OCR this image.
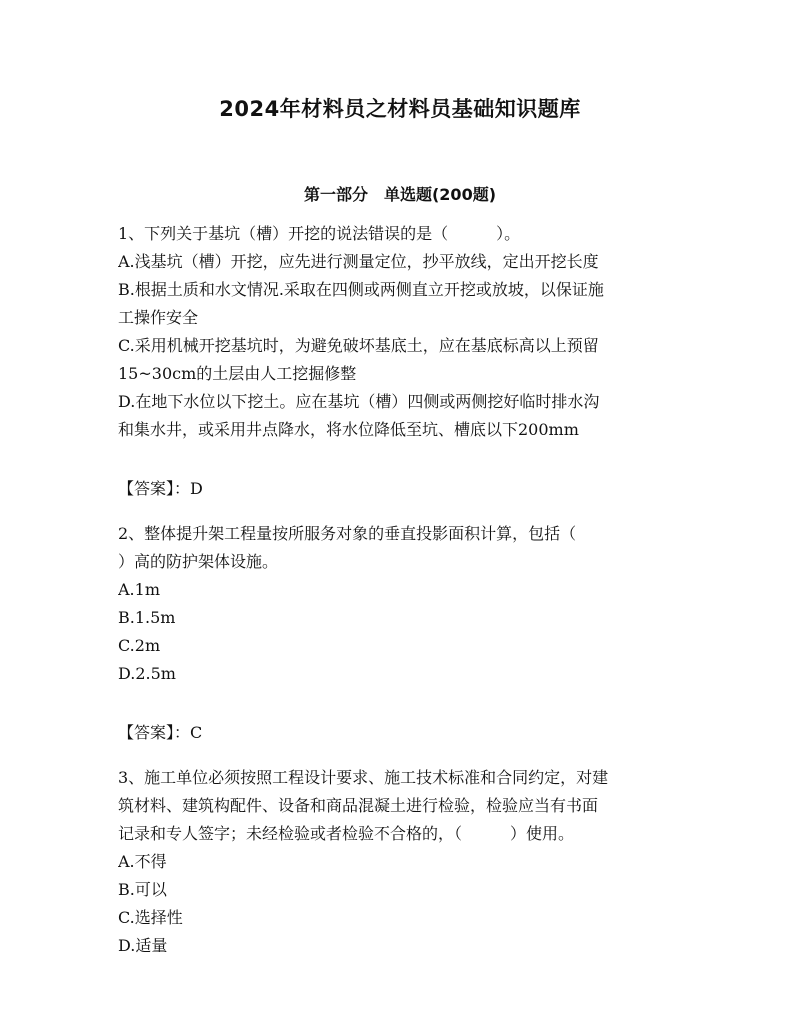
2024年材料员之材料员基础知识题库
第一部分　单选题(200题)
1、下列关于基坑（槽）开挖的说法错误的是（　　　）。
A.浅基坑（槽）开挖，应先进行测量定位，抄平放线，定出开挖长度
B.根据土质和水文情况.采取在四侧或两侧直立开挖或放坡，以保证施
工操作安全
C.采用机械开挖基坑时，为避免破坏基底土，应在基底标高以上预留
15~30cm的土层由人工挖掘修整
D.在地下水位以下挖土。应在基坑（槽）四侧或两侧挖好临时排水沟
和集水井，或采用井点降水，将水位降低至坑、槽底以下200mm
【答案】：D
2、整体提升架工程量按所服务对象的垂直投影面积计算，包括（
）高的防护架体设施。
A.1m
B.1.5m
C.2m
D.2.5m
【答案】：C
3、施工单位必须按照工程设计要求、施工技术标准和合同约定，对建
筑材料、建筑构配件、设备和商品混凝土进行检验，检验应当有书面
记录和专人签字；未经检验或者检验不合格的，（　　　）使用。
A.不得
B.可以
C.选择性
D.适量
